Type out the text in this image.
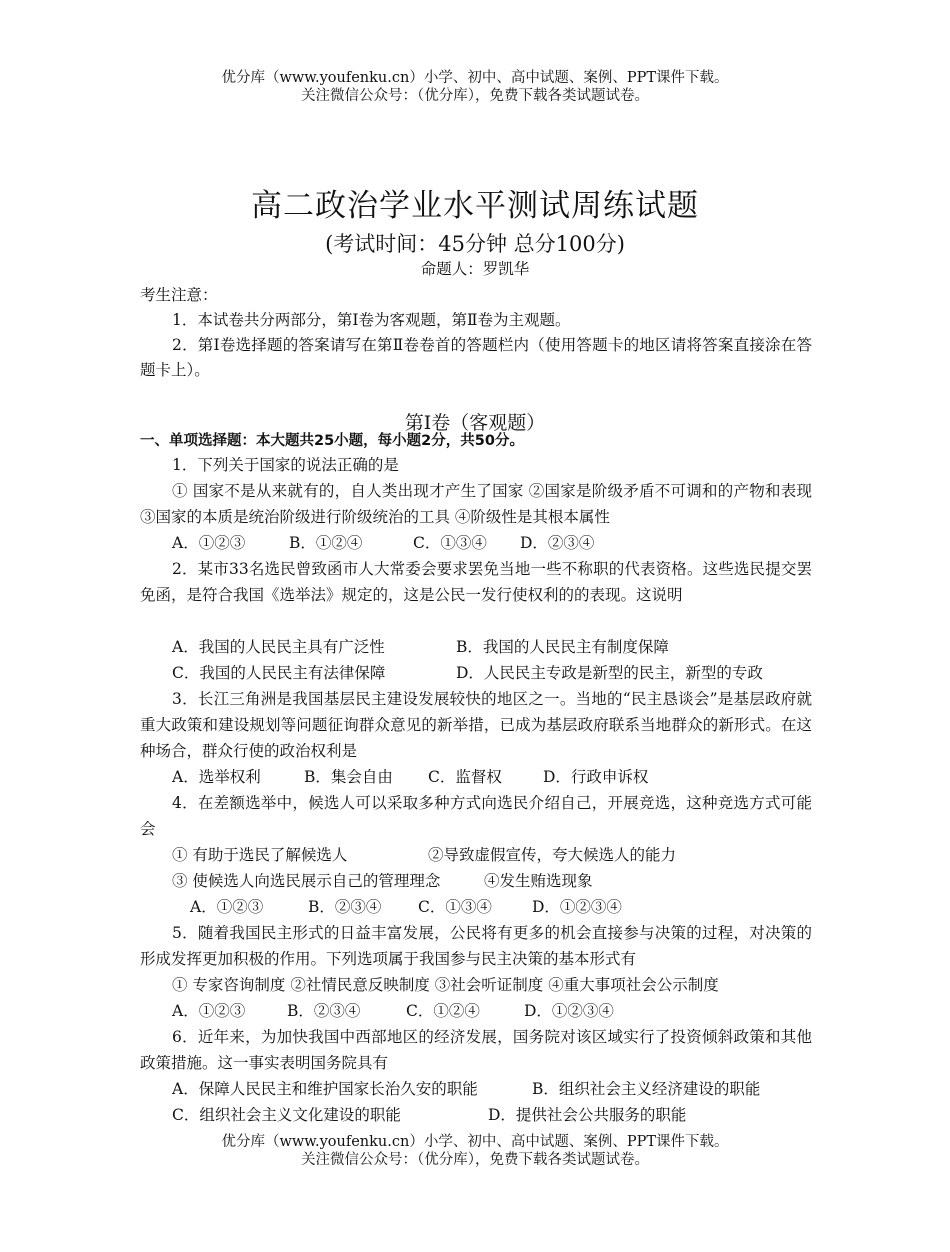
优分库（www.youfenku.cn）小学、初中、高中试题、案例、PPT课件下载。
关注微信公众号：（优分库），免费下载各类试题试卷。
高二政治学业水平测试周练试题
(考试时间：45分钟 总分100分)
命题人：罗凯华

考生注意：

1．本试卷共分两部分，第Ⅰ卷为客观题，第Ⅱ卷为主观题。

2．第Ⅰ卷选择题的答案请写在第Ⅱ卷卷首的答题栏内（使用答题卡的地区请将答案直接涂在答题卡上）。

第Ⅰ卷（客观题）
一、单项选择题：本大题共25小题，每小题2分，共50分。

1．下列关于国家的说法正确的是

① 国家不是从来就有的，自人类出现才产生了国家 ②国家是阶级矛盾不可调和的产物和表现 ③国家的本质是统治阶级进行阶级统治的工具 ④阶级性是其根本属性

A．①②③	B．①②④	C．①③④ D．②③④

2．某市33名选民曾致函市人大常委会要求罢免当地一些不称职的代表资格。这些选民提交罢免函，是符合我国《选举法》规定的，这是公民一发行使权利的的表现。这说明

A．我国的人民民主具有广泛性	B．我国的人民民主有制度保障

C．我国的人民民主有法律保障	D．人民民主专政是新型的民主，新型的专政

3．长江三角洲是我国基层民主建设发展较快的地区之一。当地的“民主恳谈会”是基层政府就重大政策和建设规划等问题征询群众意见的新举措，已成为基层政府联系当地群众的新形式。在这种场合，群众行使的政治权利是

A．选举权利	B．集会自由 C．监督权	D．行政申诉权

4．在差额选举中，候选人可以采取多种方式向选民介绍自己，开展竞选，这种竞选方式可能会

① 有助于选民了解候选人	②导致虚假宣传，夸大候选人的能力

③ 使候选人向选民展示自己的管理理念	④发生贿选现象

A．①②③	B．②③④ C．①③④	D．①②③④

5．随着我国民主形式的日益丰富发展，公民将有更多的机会直接参与决策的过程，对决策的形成发挥更加积极的作用。下列选项属于我国参与民主决策的基本形式有

① 专家咨询制度 ②社情民意反映制度 ③社会听证制度 ④重大事项社会公示制度

A．①②③	B．②③④	C．①②④	D．①②③④

6．近年来，为加快我国中西部地区的经济发展，国务院对该区域实行了投资倾斜政策和其他政策措施。这一事实表明国务院具有

A．保障人民民主和维护国家长治久安的职能	B．组织社会主义经济建设的职能

C．组织社会主义文化建设的职能	D．提供社会公共服务的职能

优分库（www.youfenku.cn）小学、初中、高中试题、案例、PPT课件下载。
关注微信公众号：（优分库），免费下载各类试题试卷。
